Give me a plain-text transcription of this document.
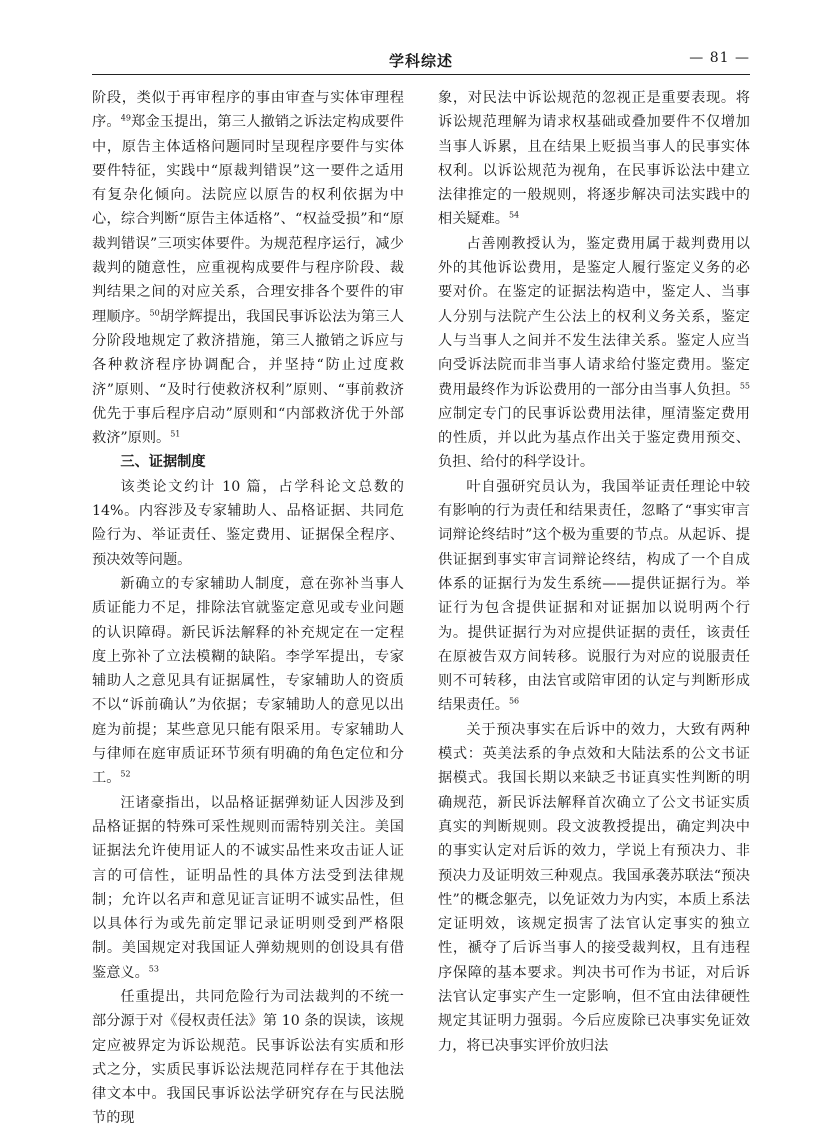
学科综述	— 81 —

阶段，类似于再审程序的事由审查与实体审理程序。$^{49}$郑金玉提出，第三人撤销之诉法定构成要件中，原告主体适格问题同时呈现程序要件与实体要件特征，实践中“原裁判错误”这一要件之适用有复杂化倾向。法院应以原告的权利依据为中心，综合判断“原告主体适格”、“权益受损”和“原裁判错误”三项实体要件。为规范程序运行，减少裁判的随意性，应重视构成要件与程序阶段、裁判结果之间的对应关系，合理安排各个要件的审理顺序。$^{50}$胡学辉提出，我国民事诉讼法为第三人分阶段地规定了救济措施，第三人撤销之诉应与各种救济程序协调配合，并坚持“防止过度救济”原则、“及时行使救济权利”原则、“事前救济优先于事后程序启动”原则和“内部救济优于外部救济”原则。$^{51}$

三、证据制度

该类论文约计 10 篇，占学科论文总数的 14%。内容涉及专家辅助人、品格证据、共同危险行为、举证责任、鉴定费用、证据保全程序、预决效等问题。

新确立的专家辅助人制度，意在弥补当事人质证能力不足，排除法官就鉴定意见或专业问题的认识障碍。新民诉法解释的补充规定在一定程度上弥补了立法模糊的缺陷。李学军提出，专家辅助人之意见具有证据属性，专家辅助人的资质不以“诉前确认”为依据；专家辅助人的意见以出庭为前提；某些意见只能有限采用。专家辅助人与律师在庭审质证环节须有明确的角色定位和分工。$^{52}$

汪诸豪指出，以品格证据弹劾证人因涉及到品格证据的特殊可采性规则而需特别关注。美国证据法允许使用证人的不诚实品性来攻击证人证言的可信性，证明品性的具体方法受到法律规制；允许以名声和意见证言证明不诚实品性，但以具体行为或先前定罪记录证明则受到严格限制。美国规定对我国证人弹劾规则的创设具有借鉴意义。$^{53}$

任重提出，共同危险行为司法裁判的不统一部分源于对《侵权责任法》第 10 条的误读，该规定应被界定为诉讼规范。民事诉讼法有实质和形式之分，实质民事诉讼法规范同样存在于其他法律文本中。我国民事诉讼法学研究存在与民法脱节的现

象，对民法中诉讼规范的忽视正是重要表现。将诉讼规范理解为请求权基础或叠加要件不仅增加当事人诉累，且在结果上贬损当事人的民事实体权利。以诉讼规范为视角，在民事诉讼法中建立法律推定的一般规则，将逐步解决司法实践中的相关疑难。$^{54}$

占善刚教授认为，鉴定费用属于裁判费用以外的其他诉讼费用，是鉴定人履行鉴定义务的必要对价。在鉴定的证据法构造中，鉴定人、当事人分别与法院产生公法上的权利义务关系，鉴定人与当事人之间并不发生法律关系。鉴定人应当向受诉法院而非当事人请求给付鉴定费用。鉴定费用最终作为诉讼费用的一部分由当事人负担。$^{55}$应制定专门的民事诉讼费用法律，厘清鉴定费用的性质，并以此为基点作出关于鉴定费用预交、负担、给付的科学设计。

叶自强研究员认为，我国举证责任理论中较有影响的行为责任和结果责任，忽略了“事实审言词辩论终结时”这个极为重要的节点。从起诉、提供证据到事实审言词辩论终结，构成了一个自成体系的证据行为发生系统——提供证据行为。举证行为包含提供证据和对证据加以说明两个行为。提供证据行为对应提供证据的责任，该责任在原被告双方间转移。说服行为对应的说服责任则不可转移，由法官或陪审团的认定与判断形成结果责任。$^{56}$

关于预决事实在后诉中的效力，大致有两种模式：英美法系的争点效和大陆法系的公文书证据模式。我国长期以来缺乏书证真实性判断的明确规范，新民诉法解释首次确立了公文书证实质真实的判断规则。段文波教授提出，确定判决中的事实认定对后诉的效力，学说上有预决力、非预决力及证明效三种观点。我国承袭苏联法“预决性”的概念躯壳，以免证效力为内实，本质上系法定证明效，该规定损害了法官认定事实的独立性，褫夺了后诉当事人的接受裁判权，且有违程序保障的基本要求。判决书可作为书证，对后诉法官认定事实产生一定影响，但不宜由法律硬性规定其证明力强弱。今后应废除已决事实免证效力，将已决事实评价放归法
